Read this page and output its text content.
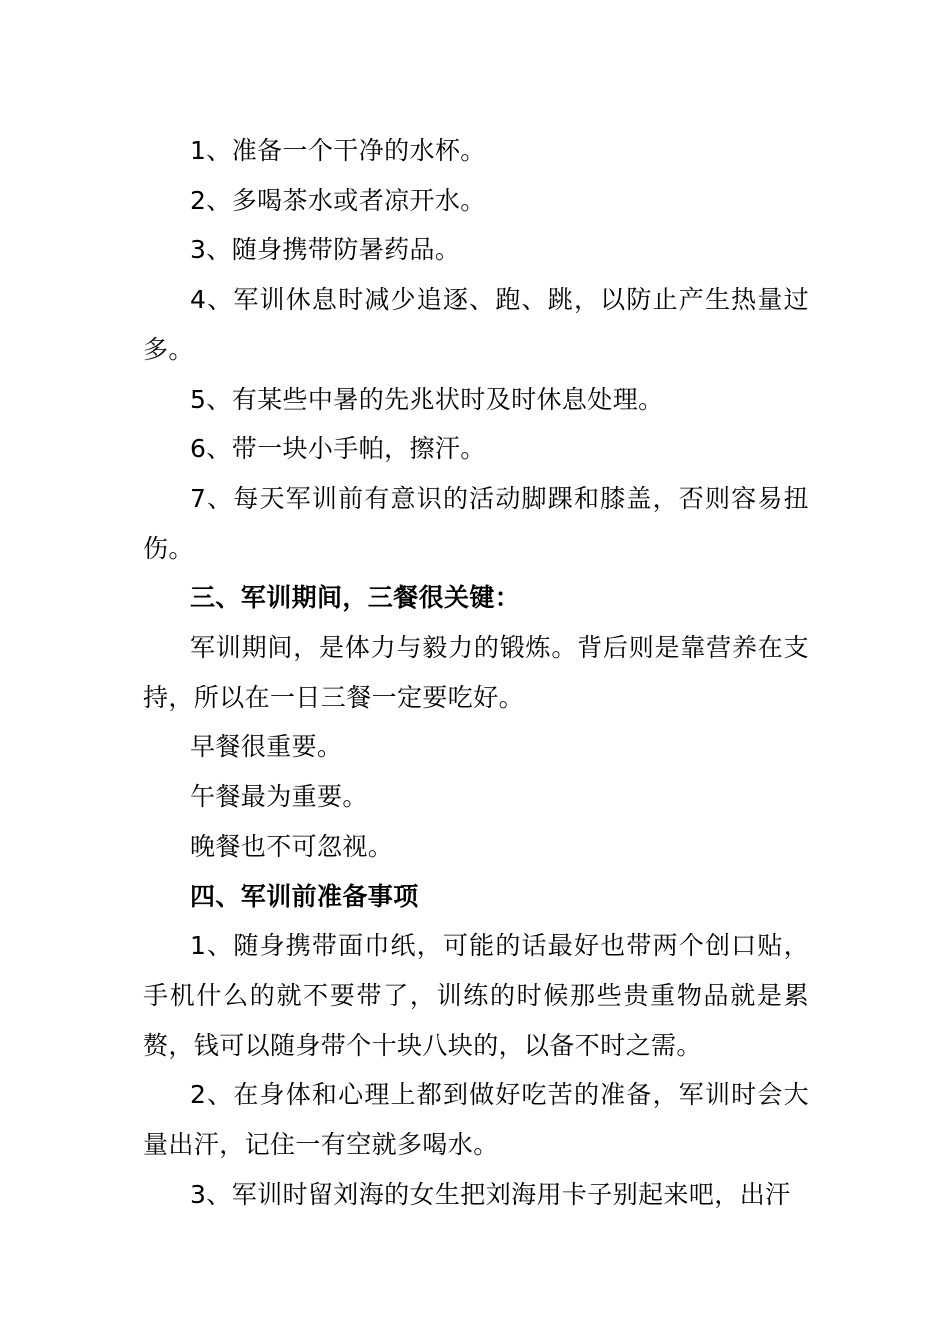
1、准备一个干净的水杯。

2、多喝茶水或者凉开水。

3、随身携带防暑药品。

4、军训休息时减少追逐、跑、跳，以防止产生热量过多。

5、有某些中暑的先兆状时及时休息处理。

6、带一块小手帕，擦汗。

7、每天军训前有意识的活动脚踝和膝盖，否则容易扭伤。

三、军训期间，三餐很关键：

军训期间，是体力与毅力的锻炼。背后则是靠营养在支持，所以在一日三餐一定要吃好。

早餐很重要。

午餐最为重要。

晚餐也不可忽视。

四、军训前准备事项

1、随身携带面巾纸，可能的话最好也带两个创口贴，手机什么的就不要带了，训练的时候那些贵重物品就是累赘，钱可以随身带个十块八块的，以备不时之需。

2、在身体和心理上都到做好吃苦的准备，军训时会大量出汗，记住一有空就多喝水。

3、军训时留刘海的女生把刘海用卡子别起来吧，出汗
